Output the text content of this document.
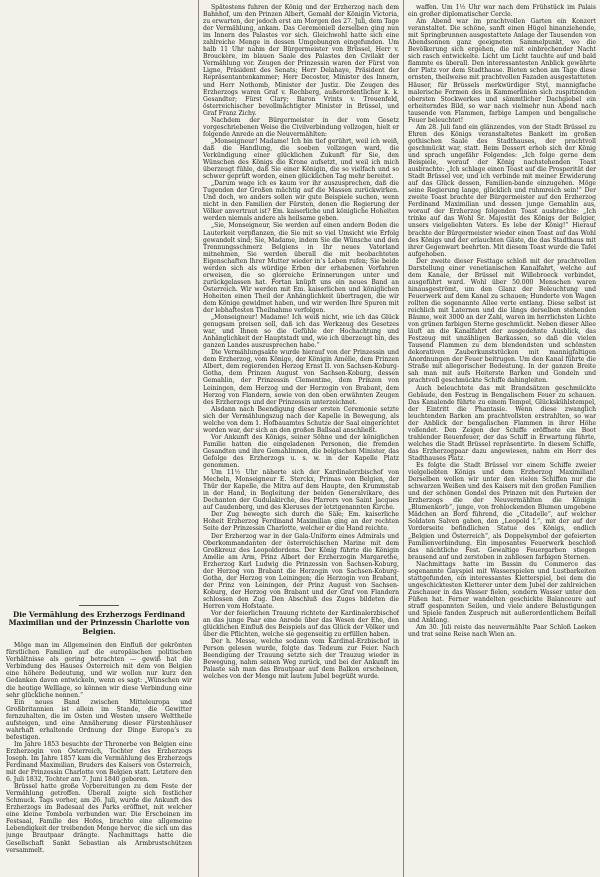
Die Vermählung des Erzherzogs Ferdinand Maximilian und der Prinzessin Charlotte von Belgien.

Möge man im Allgemeinen den Einfluß der gekrönten fürstlichen Familien auf die europäischen politischen Verhältnisse als gering betrachten — gewiß hat die Verbindung des Hauses Österreich mit dem von Belgien eine höhere Bedeutung, und wir wollen nur kurz den Gedanken davon entwickeln, wenn es sagt: „Wünschen wir die heutige Welllage, so können wir diese Verbindung eine sehr glückliche nennen.“

Ein neues Band zwischen Mitteleuropa und Großbritannien ist allein im Stande, die Gewitter fernzuhalten, die im Osten und Westen unsere Welttheile aufsteigen, und eine Annäherung dieser Fürstenhäuser wahrhaft erhaltende Ordnung der Dinge Europa’s zu befestigen.

Im Jahre 1853 besuchte der Thronerbe von Belgien eine Erzherzogin von Österreich, Tochter des Erzherzogs Joseph. Im Jahre 1857 kam die Vermählung des Erzherzogs Ferdinand Maximilian, Bruders des Kaisers von Österreich, mit der Prinzessin Charlotte von Belgien statt. Letztere den 6. Juli 1832, Tochter am 7. Juni 1840 geboren.

Brüssel hatte große Vorbereitungen zu dem Feste der Vermählung getroffen. Überall zeigte sich festlicher Schmuck. Tags vorher, am 26. Juli, wurde die Ankunft des Erzherzogs im Badesaal des Parks eröffnet, mit welcher eine kleine Tombola verbunden war. Die Erscheinen im Festsaal, Familie des Hofes, brachte eine allgemeine Lebendigkeit der treibenden Menge hervor, die sich um das junge Brautpaar drängte. Nachmittags hatte die Gesellschaft Sankt Sebastian als Armbrustschützen versammelt.

Spätestens fuhren der König und der Erzherzog nach dem Bahnhof, um den Prinzen Albert, Gemahl der Königin Victoria, zu erwarten, der jedoch erst am Morgen des 27. Juli, dem Tage der Vermählung, ankam. Das Ceremoniell derselben ging nun im Innern des Palastes vor sich. Gleichwohl hatte sich eine zahlreiche Menge in dessen Umgebungen eingefunden. Um halb 11 Uhr nahm der Bürgermeister von Brüssel, Herr v. Brouckère, im blauen Saale des Palastes den Civilakt der Vermählung vor. Zeugen der Prinzessin waren der Fürst von Ligne, Präsident des Senats; Herr Delahaye, Präsident der Repräsentantenkammer; Herr Decoster, Minister des Innern, und Herr Nothomb, Minister der Justiz. Die Zeugen des Erzherzogs waren Graf v. Rechberg, außerordentlicher k. k. Gesandter; Fürst Clary; Baron Vrints v. Treuenfeld, österreichischer bevollmächtigter Minister in Brüssel, und Graf Franz Zichy.

Nachdem der Bürgermeister in der vom Gesetz vorgeschriebenen Weise die Civilverbindung vollzogen, hielt er folgende Anrede an die Neuvermählten:

„Monseigneur! Madame! Ich bin tief gerührt, weil ich weiß, daß die Handlung, die soeben vollzogen ward, die Verkündigung einer glücklichen Zukunft für Sie, den Wünschen des Königs die Krone aufsetzt, und weil ich mich überzeugt fühle, daß Sie einer Königin, die so vielfach und so schwer geprüft worden, einen glücklichen Tag mehr bereitet.

„Darum wage ich es kaum vor ihr auszusprechen, daß die Tugenden der Großen mächtig auf die Massen zurückwirken. Und doch, wo anders sollen wir gute Beispiele suchen, wenn nicht in den Familien der Fürsten, denen die Regierung der Völker anvertraut ist? Em. kaiserliche und königliche Hoheiten werden niemals andere als heilsame geben.

„Sie, Monseigneur, Sie werden auf einen andern Boden die Lauterkeit verpflanzen, die Sie mit so viel Umsicht wie Erfolg gewandelt sind; Sie, Madame, indem Sie die Wünsche und den Trennungsschmerz Belgiens in Ihr neues Vaterland mitnehmen, Sie werden überall die mit beobachteten Eigenschaften Ihrer Mutter wieder in’s Leben rufen; Sie beide werden sich als würdige Erben der erhabenen Vorfahren erweisen, die so glorreiche Erinnerungen unter und zurückgelassen hat. Fortan knüpft uns ein neues Band an Österreich. Wir werden mit Em. kaiserlichen und königlichen Hoheiten einen Theil der Anhänglichkeit übertragen, die wir dem Könige gewidmet haben, und wir werden Ihre Spuren mit der lebhaftesten Theilnahme verfolgen.

„Monseigneur! Madame! Ich weiß nicht, wie ich das Glück genugsam preisen soll, daß ich das Werkzeug des Gesetzes war, und Ihnen so die Gefühle der Hochachtung und Anhänglichkeit der Hauptstadt und, wie ich überzeugt bin, des ganzen Landes auszusprechen habe.“

Die Vermählungsakte wurde hierauf von der Prinzessin und dem Erzherzog, vom Könige, der Königin Amélie, dem Prinzen Albert, dem regierenden Herzog Ernst II. von Sachsen-Koburg-Gotha, dem Prinzen August von Sachsen-Koburg, dessen Gemahlin, der Prinzessin Clementine, dem Prinzen von Leiningen, dem Herzog und der Herzogin von Brabant, dem Herzog von Flandern, sowie von den oben erwähnten Zeugen des Erzherzogs und der Prinzessin unterzeichnet.

Alsdann nach Beendigung dieser ersten Ceremonie setzte sich der Vermählungszug nach der Kapelle in Bewegung, als welche von dem 1. Hofbauamtes Schutze der Saal eingerichtet worden war, der sich an den großen Ballsaal anschließt.

Vor Ankunft des Königs, seiner Söhne und der königlichen Familie hatten die eingeladenen Personen, die fremden Gesandten und ihre Gemahlinnen, die belgischen Minister, das Gefolge des Erzherzogs u. s. w. in der Kapelle Platz genommen.

Um 11½ Uhr näherte sich der Kardinalerzbischof von Mecheln, Monseigneur E. Sterckx, Primas von Belgien, der Thür der Kapelle, die Mitra auf dem Haupte, den Krummstab in der Hand, in Begleitung der beiden Generalvikare, des Dechanten der Gudulakirche, des Pfarrers von Saint Jacques auf Caudenberg, und des Kleruses der letztgenannten Kirche.

Der Zug bewegte sich durch die Säle; Em. kaiserliche Hoheit Erzherzog Ferdinand Maximilian ging an der rechten Seite der Prinzessin Charlotte, welcher er die Hand reichte.

Der Erzherzog war in der Gala-Uniform eines Admirals und Oberkommandanten der österreichischen Marine mit dem Großkreuz des Leopoldordens. Der König führte die Königin Amélie am Arm, Prinz Albert der Erzherzogin Margarethe, Erzherzog Karl Ludwig die Prinzessin von Sachsen-Koburg, der Herzog von Brabant die Herzogin von Sachsen-Koburg-Gotha, der Herzog von Leiningen; die Herzogin von Brabant, der Prinz von Leiningen, der Prinz August von Sachsen-Koburg, der Herzog von Brabant und der Graf von Flandern schlossen den Zug. Den Abschluß des Zuges bildeten die Herren vom Hofstaate.

Vor der feierlichen Trauung richtete der Kardinalerzbischof an das junge Paar eine Anrede über das Wesen der Ehe, den glücklichen Einfluß des Beispiels auf das Glück der Völker und über die Pflichten, welche sie gegenseitig zu erfüllen haben.

Der h. Messe, welche sodann vom Kardinal-Erzbischof in Person gelesen wurde, folgte das Tedeum zur Feier. Nach Beendigung der Trauung setzte sich der Trauzug wieder in Bewegung, nahm seinen Weg zurück, und bei der Ankunft im Palaste sah man das Brautpaar auf dem Balkon erscheinen, welches von der Menge mit lautem Jubel begrüßt wurde.

waffen. Um 1½ Uhr war nach dem Frühstück im Palais ein großer diplomatischer Cercle.

Am Abend war im prachtvollen Garten ein Konzert veranstaltet. Die schöne, sanft einen Hügel hinanziehende, mit Springbrunnen ausgestattete Anlage der Tausenden von Abendsonnen ganz geeigneten Sammelpunkt, wo die Bevölkerung sich ergehen, die mit einbrechender Nacht sich rasch entwickelte. Licht um Licht tauchte auf und bald flammte es überall. Den interessantesten Anblick gewährte der Platz vor dem Stadthause. Bieten schon am Tage diese ernsten, theilweise mit prachtvollen Fazaden ausgestatteten Häuser, für Brüssels merkwürdiger Styl, mannigfache malerische Formen des in Kammerlinien sich zuspitzenden obersten Stockwerkes und sämmtlicher Dachgiebel ein erheiterndes Bild, so war nach vielmehr nun Abend nach tausende von Flammen, farbige Lampen und bengalische Feuer beleuchtet!

Am 28. Juli fand ein glänzendes, von der Stadt Brüssel zu Ehren des Königs veranstaltetes Bankett im großen gothischen Saale des Stadthauses, der prachtvoll geschmückt war, statt. Beim Dessert erhob sich der König und sprach ungefähr Folgendes: „Ich folge gerne dem Beispiele, worauf der König nachstehenden Toast ausbrachte: „Ich schlage einen Toast auf die Prosperität der Stadt Brüssel vor, und ich verbinde mit meiner Erwiderung auf das Glück dessen, Familien-bande einzugehen. Möge seine Regierung lange, glücklich und ruhmreich sein!“ Der zweite Toast brachte der Bürgermeister auf den Erzherzog Ferdinand Maximilian und dessen junge Gemahlin aus, worauf der Erzherzog folgenden Toast ausbrachte: „Ich trinke auf das Wohl Sr. Majestät des Königs der Belgier, unsers vielgeliebten Vaters. Es lebe der König!“ Hierauf brachte der Bürgermeister wieder einen Toast auf das Wohl des Königs und der erlauchten Gäste, die das Stadthaus mit ihrer Gegenwart beehrten. Mit diesem Toast wurde die Tafel aufgehoben.

Der zweite dieser Festtage schloß mit der prachtvollen Darstellung einer venetianischen Kanalfahrt, welche auf dem Kanale, der Brüssel mit Willebroeck verbindet, ausgeführt ward. Wohl über 50.000 Menschen waren hinausgeströmt, um den Glanz der Beleuchtung und Feuerwerk auf dem Kanal zu schauen; Hunderte von Wagen rollten die sogenannte Allee verte entlang. Diese selbst ist reichlich mit Laternen und die längs derselben stehenden Bäume, weit 3000 an der Zahl, waren im herrlichsten Lichte von grünen farbigen Sterne geschmückt. Neben dieser Allee läuft an die Kanalfahrt der ausgedehnte Ausblick, das Festzeug mit unzähligen Barkassen, so daß die vielen Tausend Flammen zu dem blendendsten und schönsten dekorativen Zauberkunststücken mit mannigfaltigen Anordnungen der Feuer beitrugen. Um den Kanal führte die Straße mit allegorischer Bedeutung. In der ganzen Breite sah man mit aufs Heiterste Barken und Gondeln und prachtvoll geschmückte Schiffe dahingleiten.

Auch beleuchtete das mit Brandsätzen geschmückte Gebäude, den Festzug in Bengalischem Feuer zu schauen. Das Kanalende führte zu einem Tempel, Glückskühlstempel, der Eintritt die Phantasie. Wenn diese zwanglich leuchtenden Barken am prachtvollsten erstrahlten, so war der Anblick der bengalischen Flammen in ihrer Höhe vollendet. Den Zeigen der Schiffe eröffnete ein Boot trahlender Reuenfeuer, der das Schiff in Erwartung führte, welches die Stadt Brüssel repräsentirte. In diesem Schiffe, das Erzherzogpaar dazu angewiesen, nahm ein Herr des Stadthauses Platz.

Es folgte die Stadt Brüssel vor einem Schiffe zweier vielgeliebten Königs und dem Erzherzog Maximilian! Derselben wollen wir unter den vielen Schiffen nur die schwarzen Weißen und des Kaisers mit den großen Familien und der schönen Gondel des Prinzen mit den Parteien der Erzherzogs die der Neuvermählten die Königin „Blumenkorb“, junge, von frohlockenden Blumen umgebene Mädchen an Bord führend, die „Citadelle“, auf welcher Soldaten Salven gaben, den „Leopold I.“, mit der auf der Vorderseite befindlichen Statue des Königs, endlich „Belgien und Österreich“, als Doppelsymbol der gefeierten Familienverbindung. Ein imposantes Feuerwerk beschloß das nächtliche Fest. Gewaltige Feuergarben stiegen brausend auf und zerstoben in zahllosen farbigen Sternen.

Nachmittags hatte im Bassin du Commerce das sogenannte Gayspiel mit Wasserspielen und Lustbarkeiten stattgefunden, ein interessantes Kletterspiel, bei dem die ungeschicktesten Kletterer unter dem Jubel der zahlreichen Zuschauer in das Wasser fielen, sondern Wasser unter den Füßen hat. Ferner wandelten geschickte Balanceure auf straff gespannten Seilen, und viele andere Belustigungen und Spiele fanden Zuspruch mit außerordentlichem Beifall und Anklang.

Am 30. Juli reiste das neuvermählte Paar Schloß Laeken und trat seine Reise nach Wien an.
